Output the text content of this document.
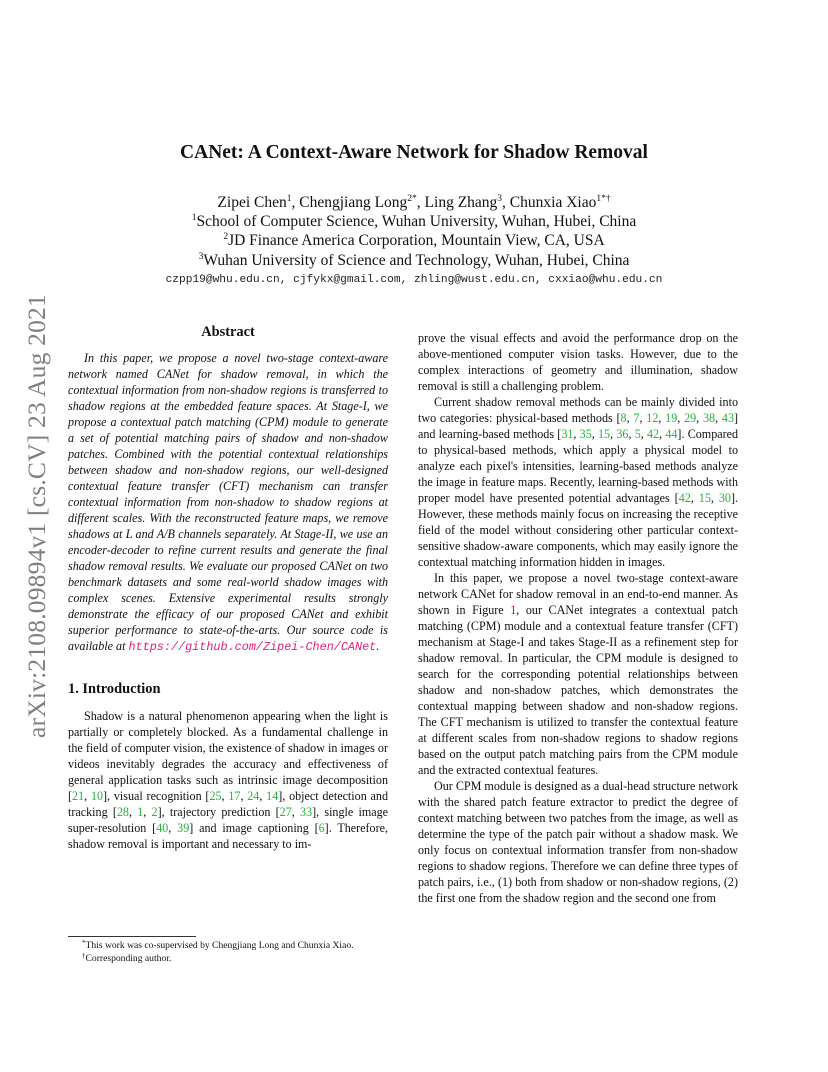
arXiv:2108.09894v1 [cs.CV] 23 Aug 2021
CANet: A Context-Aware Network for Shadow Removal
Zipei Chen$^1$, Chengjiang Long$^{2*}$, Ling Zhang$^3$, Chunxia Xiao$^{1*\dagger}$
$^1$School of Computer Science, Wuhan University, Wuhan, Hubei, China
$^2$JD Finance America Corporation, Mountain View, CA, USA
$^3$Wuhan University of Science and Technology, Wuhan, Hubei, China
czpp19@whu.edu.cn, cjfykx@gmail.com, zhling@wust.edu.cn, cxxiao@whu.edu.cn
Abstract
In this paper, we propose a novel two-stage context-aware network named CANet for shadow removal, in which the contextual information from non-shadow regions is transferred to shadow regions at the embedded feature spaces. At Stage-I, we propose a contextual patch matching (CPM) module to generate a set of potential matching pairs of shadow and non-shadow patches. Combined with the potential contextual relationships between shadow and non-shadow regions, our well-designed contextual feature transfer (CFT) mechanism can transfer contextual information from non-shadow to shadow regions at different scales. With the reconstructed feature maps, we remove shadows at L and A/B channels separately. At Stage-II, we use an encoder-decoder to refine current results and generate the final shadow removal results. We evaluate our proposed CANet on two benchmark datasets and some real-world shadow images with complex scenes. Extensive experimental results strongly demonstrate the efficacy of our proposed CANet and exhibit superior performance to state-of-the-arts. Our source code is available at https://github.com/Zipei-Chen/CANet.
1. Introduction
Shadow is a natural phenomenon appearing when the light is partially or completely blocked. As a fundamental challenge in the field of computer vision, the existence of shadow in images or videos inevitably degrades the accuracy and effectiveness of general application tasks such as intrinsic image decomposition [21, 10], visual recognition [25, 17, 24, 14], object detection and tracking [28, 1, 2], trajectory prediction [27, 33], single image super-resolution [40, 39] and image captioning [6]. Therefore, shadow removal is important and necessary to im-
prove the visual effects and avoid the performance drop on the above-mentioned computer vision tasks. However, due to the complex interactions of geometry and illumination, shadow removal is still a challenging problem.
Current shadow removal methods can be mainly divided into two categories: physical-based methods [8, 7, 12, 19, 29, 38, 43] and learning-based methods [31, 35, 15, 36, 5, 42, 44]. Compared to physical-based methods, which apply a physical model to analyze each pixel's intensities, learning-based methods analyze the image in feature maps. Recently, learning-based methods with proper model have presented potential advantages [42, 15, 30]. However, these methods mainly focus on increasing the receptive field of the model without considering other particular context-sensitive shadow-aware components, which may easily ignore the contextual matching information hidden in images.
In this paper, we propose a novel two-stage context-aware network CANet for shadow removal in an end-to-end manner. As shown in Figure 1, our CANet integrates a contextual patch matching (CPM) module and a contextual feature transfer (CFT) mechanism at Stage-I and takes Stage-II as a refinement step for shadow removal. In particular, the CPM module is designed to search for the corresponding potential relationships between shadow and non-shadow patches, which demonstrates the contextual mapping between shadow and non-shadow regions. The CFT mechanism is utilized to transfer the contextual feature at different scales from non-shadow regions to shadow regions based on the output patch matching pairs from the CPM module and the extracted contextual features.
Our CPM module is designed as a dual-head structure network with the shared patch feature extractor to predict the degree of context matching between two patches from the image, as well as determine the type of the patch pair without a shadow mask. We only focus on contextual information transfer from non-shadow regions to shadow regions. Therefore we can define three types of patch pairs, i.e., (1) both from shadow or non-shadow regions, (2) the first one from the shadow region and the second one from
*This work was co-supervised by Chengjiang Long and Chunxia Xiao.
†Corresponding author.
